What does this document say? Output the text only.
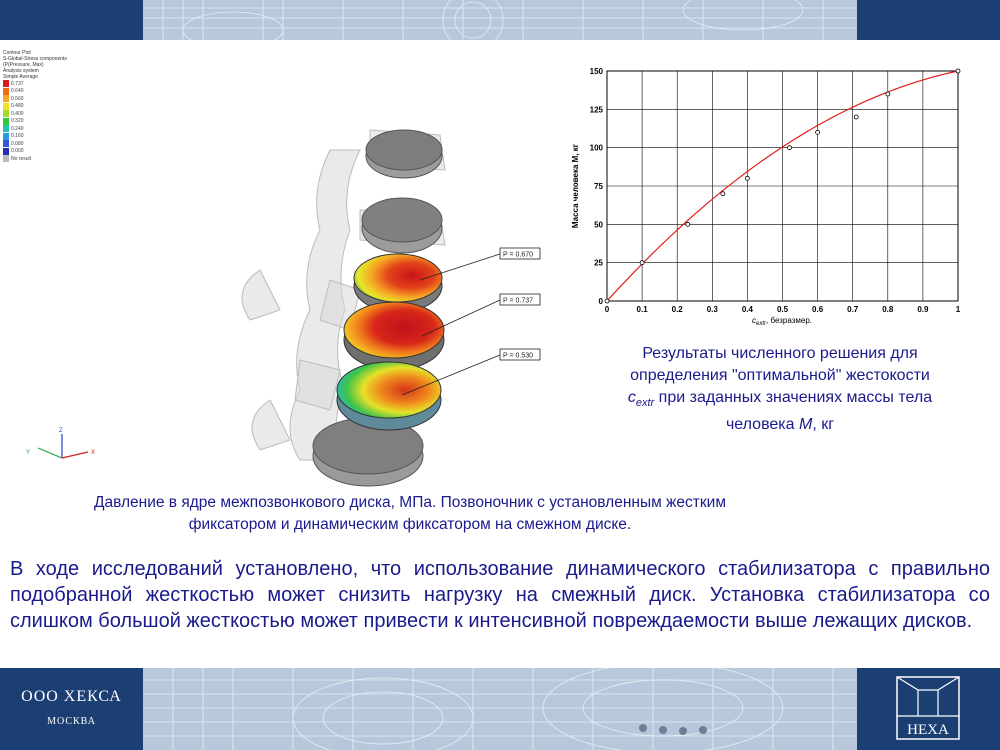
Contour Plot
S-Global-Stress components (P(Pressure, Max)
Analysis system
Simple Average
0.737
0.640
0.560
0.480
0.400
0.320
0.240
0.160
0.080
0.000
No result
P = 0.670
P = 0.737
P = 0.530
Z
Y	X
0	0.1	0.2	0.3	0.4	0.5	0.6	0.7	0.8	0.9	1
0
25
50
75
100
125
150
Масса человека M, кг
$c_{extr}$, безразмер.
Результаты численного решения для
определения "оптимальной" жестокости
$c_{extr}$ при заданных значениях массы тела
человека M, кг
Давление в ядре межпозвонкового диска, МПа. Позвоночник с установленным жестким
фиксатором и динамическим фиксатором на смежном диске.
В ходе исследований установлено, что использование динамического стабилизатора с правильно подобранной жесткостью может снизить нагрузку на смежный диск. Установка стабилизатора со слишком большой жесткостью может привести к интенсивной повреждаемости выше лежащих дисков.
ООО ХЕКСА
МОСКВА
HEXA
